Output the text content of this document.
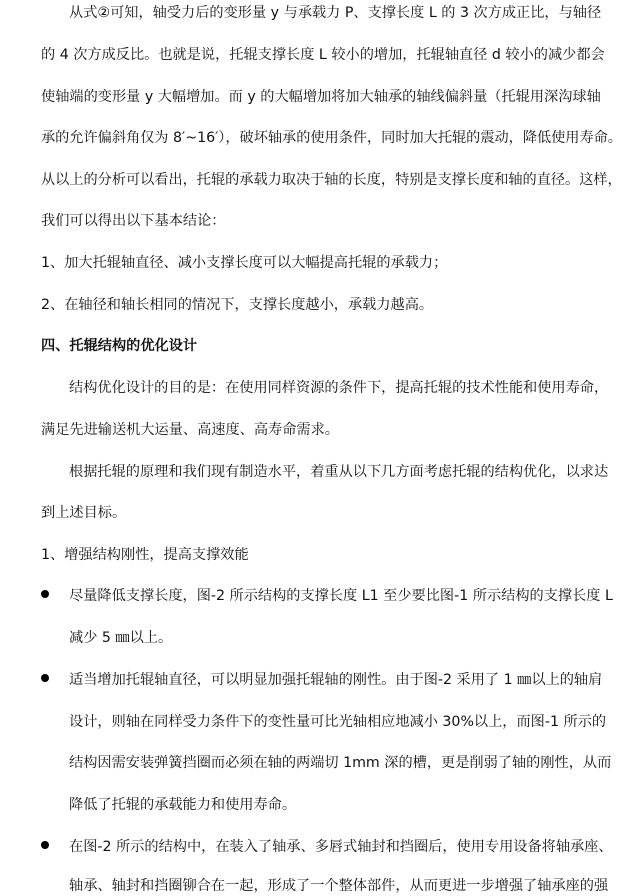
从式②可知，轴受力后的变形量 y 与承载力 P、支撑长度 L 的 3 次方成正比，与轴径
的 4 次方成反比。也就是说，托辊支撑长度 L 较小的增加，托辊轴直径 d 较小的减少都会
使轴端的变形量 y 大幅增加。而 y 的大幅增加将加大轴承的轴线偏斜量（托辊用深沟球轴
承的允许偏斜角仅为 8′~16′），破坏轴承的使用条件，同时加大托辊的震动，降低使用寿命。
从以上的分析可以看出，托辊的承载力取决于轴的长度，特别是支撑长度和轴的直径。这样，
我们可以得出以下基本结论：
1、加大托辊轴直径、减小支撑长度可以大幅提高托辊的承载力；
2、在轴径和轴长相同的情况下，支撑长度越小，承载力越高。
四、托辊结构的优化设计
结构优化设计的目的是：在使用同样资源的条件下，提高托辊的技术性能和使用寿命，
满足先进输送机大运量、高速度、高寿命需求。
根据托辊的原理和我们现有制造水平，着重从以下几方面考虑托辊的结构优化，以求达
到上述目标。
1、增强结构刚性，提高支撑效能
尽量降低支撑长度，图-2 所示结构的支撑长度 L1 至少要比图-1 所示结构的支撑长度 L
减少 5 ㎜以上。
适当增加托辊轴直径，可以明显加强托辊轴的刚性。由于图-2 采用了 1 ㎜以上的轴肩
设计，则轴在同样受力条件下的变性量可比光轴相应地减小 30%以上，而图-1 所示的
结构因需安装弹簧挡圈而必须在轴的两端切 1mm 深的槽，更是削弱了轴的刚性，从而
降低了托辊的承载能力和使用寿命。
在图-2 所示的结构中，在装入了轴承、多唇式轴封和挡圈后，使用专用设备将轴承座、
轴承、轴封和挡圈铆合在一起，形成了一个整体部件，从而更进一步增强了轴承座的强
